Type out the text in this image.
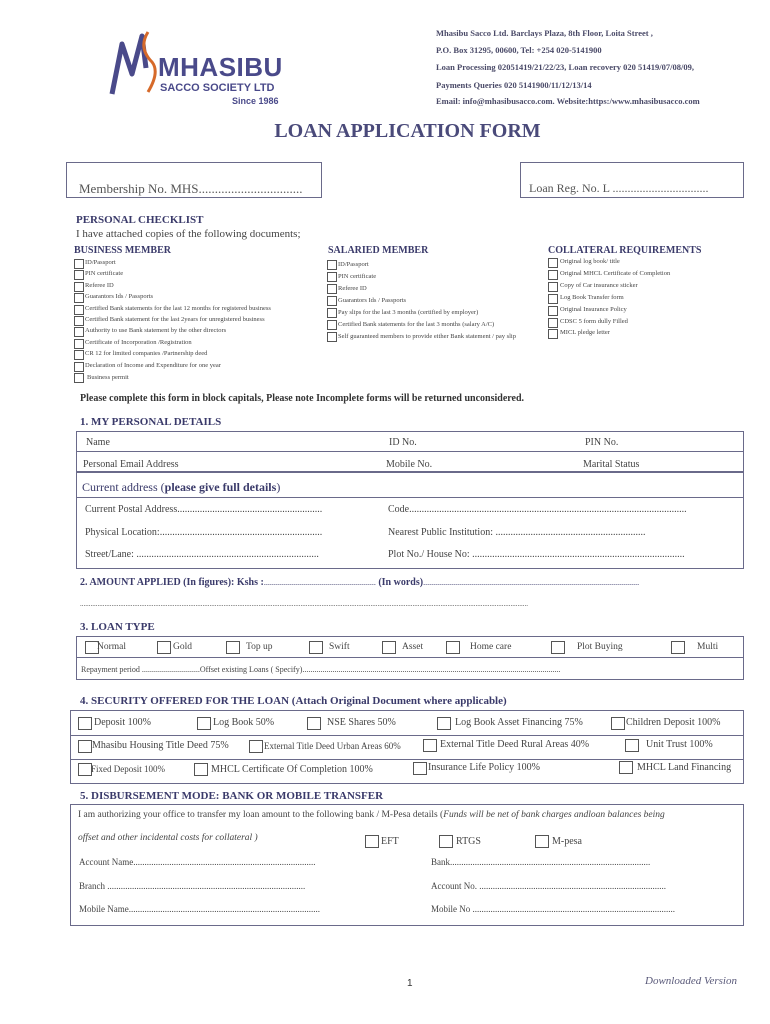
Mhasibu Sacco Ltd. Barclays Plaza, 8th Floor, Loita Street ,
P.O. Box 31295, 00600, Tel: +254 020-5141900
Loan Processing 02051419/21/22/23, Loan recovery 020 51419/07/08/09,
Payments Queries 020 5141900/11/12/13/14
Email: info@mhasibusacco.com. Website:https:/www.mhasibusacco.com
MHASIBU
SACCO SOCIETY LTD
Since 1986
LOAN APPLICATION FORM
Membership No. MHS................................	Loan Reg. No. L ................................
PERSONAL CHECKLIST
I have attached copies of the following documents;
BUSINESS MEMBER
ID/Passport
PIN certificate
Referee ID
Guarantors Ids / Passports
Certified Bank statements for the last 12 months for registered business
Certified Bank statement for the last 2years for unregistered business
Authority to use Bank statement by the other directors
Certificate of Incorporation /Registration
CR 12 for limited companies /Partnership deed
Declaration of Income and Expenditure for one year
Business permit
SALARIED MEMBER
ID/Passport
PIN certificate
Referee ID
Guarantors Ids / Passports
Pay slips for the last 3 months (certified by employer)
Certified Bank statements for the last 3 months (salary A/C)
Self guaranteed members to provide either Bank statement / pay slip
COLLATERAL REQUIREMENTS
Original log book/ title
Original MHCL Certificate of Completion
Copy of Car insurance sticker
Log Book Transfer form
Original Insurance Policy
CDSC 5 form dully Filled
MICL pledge letter
Please complete this form in block capitals, Please note Incomplete forms will be returned unconsidered.
1. MY PERSONAL DETAILS
Name	ID No.	PIN No.
Personal Email Address	Mobile No.	Marital Status
Current address (please give full details)
Current Postal Address..........................................................	Code...............................................................................................................
Physical Location:.................................................................	Nearest Public Institution: ............................................................
Street/Lane: .........................................................................	Plot No./ House No: .....................................................................................
2. AMOUNT APPLIED (In figures): Kshs :........................................................ (In words)............................................................................................................
................................................................................................................................................................................................................................................................
3. LOAN TYPE
Normal	Gold	Top up	Swift	Asset	Home care	Plot Buying	Multi
Repayment period .............................Offset existing Loans ( Specify).................................................................................................................................
4. SECURITY OFFERED FOR THE LOAN (Attach Original Document where applicable)
Deposit 100%	Log Book 50%	NSE Shares 50%	Log Book Asset Financing 75%	Children Deposit 100%
Mhasibu Housing Title Deed 75%	External Title Deed Urban Areas 60%	External Title Deed Rural Areas 40%	Unit Trust 100%
Fixed Deposit 100%	MHCL Certificate Of Completion 100%	Insurance Life Policy 100%	MHCL Land Financing
5. DISBURSEMENT MODE: BANK OR MOBILE TRANSFER
I am authorizing your office to transfer my loan amount to the following bank / M-Pesa details (Funds will be net of bank charges andloan balances being
offset and other incidental costs for collateral )	EFT	RTGS	M-pesa
Account Name.................................................................................	Bank.........................................................................................
Branch ........................................................................................	Account No. ...................................................................................
Mobile Name.....................................................................................	Mobile No ..........................................................................................
1	Downloaded Version
